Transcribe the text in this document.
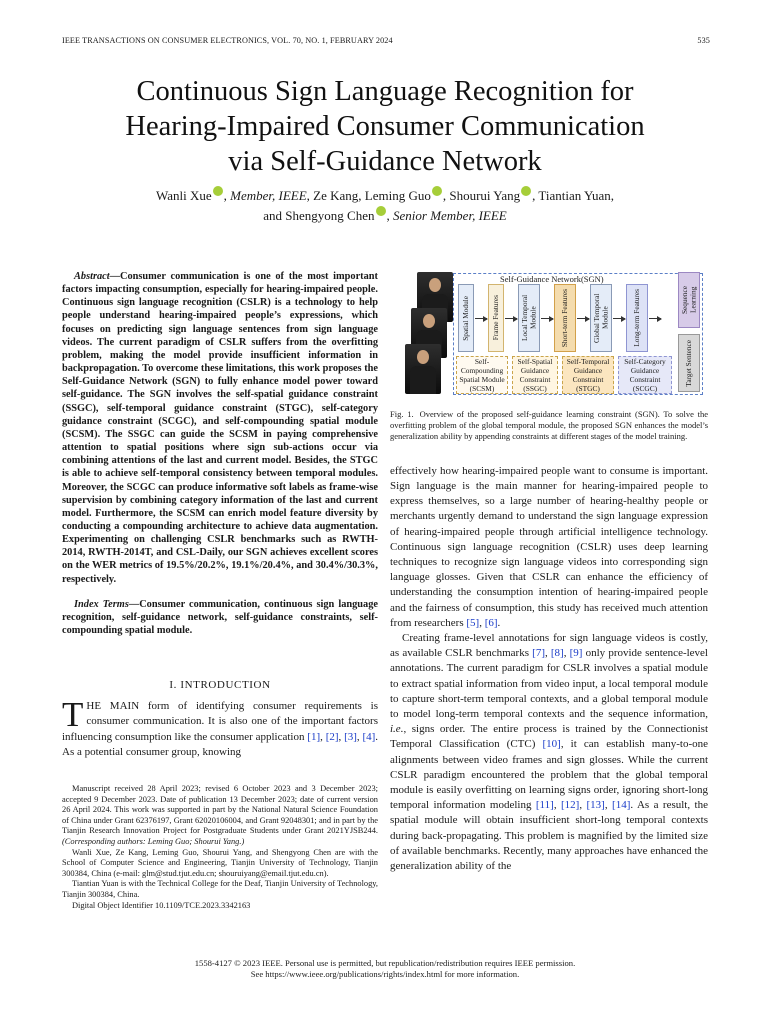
IEEE TRANSACTIONS ON CONSUMER ELECTRONICS, VOL. 70, NO. 1, FEBRUARY 2024	535
Continuous Sign Language Recognition for
Hearing-Impaired Consumer Communication
via Self-Guidance Network
Wanli Xue , Member, IEEE, Ze Kang, Leming Guo , Shourui Yang , Tiantian Yuan,
and Shengyong Chen , Senior Member, IEEE

Abstract—Consumer communication is one of the most important factors impacting consumption, especially for hearing-impaired people. Continuous sign language recognition (CSLR) is a technology to help people understand hearing-impaired people’s expressions, which focuses on predicting sign language sentences from sign language videos. The current paradigm of CSLR suffers from the overfitting problem, making the model provide insufficient information in backpropagation. To overcome these limitations, this work proposes the Self-Guidance Network (SGN) to fully enhance model power toward self-guidance. The SGN involves the self-spatial guidance constraint (SSGC), self-temporal guidance constraint (STGC), self-category guidance constraint (SCGC), and self-compounding spatial module (SCSM). The SSGC can guide the SCSM in paying comprehensive attention to spatial positions where sign sub-actions occur via combining attentions of the last and current model. Besides, the STGC is able to achieve self-temporal consistency between temporal modules. Moreover, the SCGC can produce informative soft labels as frame-wise supervision by combining category information of the last and current model. Furthermore, the SCSM can enrich model feature diversity by conducting a compounding architecture to achieve data augmentation. Experimenting on challenging CSLR benchmarks such as RWTH-2014, RWTH-2014T, and CSL-Daily, our SGN achieves excellent scores on the WER metrics of 19.5%/20.2%, 19.1%/20.4%, and 30.4%/30.3%, respectively.

Index Terms—Consumer communication, continuous sign language recognition, self-guidance network, self-guidance constraints, self-compounding spatial module.

I. INTRODUCTION

THE MAIN form of identifying consumer requirements is consumer communication. It is also one of the important factors influencing consumption like the consumer application [1], [2], [3], [4]. As a potential consumer group, knowing

Manuscript received 28 April 2023; revised 6 October 2023 and 3 December 2023; accepted 9 December 2023. Date of publication 13 December 2023; date of current version 26 April 2024. This work was supported in part by the National Natural Science Foundation of China under Grant 62376197, Grant 62020106004, and Grant 92048301; and in part by the Tianjin Research Innovation Project for Postgraduate Students under Grant 2021YJSB244. (Corresponding authors: Leming Guo; Shourui Yang.)

Wanli Xue, Ze Kang, Leming Guo, Shourui Yang, and Shengyong Chen are with the School of Computer Science and Engineering, Tianjin University of Technology, Tianjin 300384, China (e-mail: glm@stud.tjut.edu.cn; shouruiyang@email.tjut.edu.cn).

Tiantian Yuan is with the Technical College for the Deaf, Tianjin University of Technology, Tianjin 300384, China.

Digital Object Identifier 10.1109/TCE.2023.3342163

Self-Guidance Network(SGN)
Spatial Module	Frame Features	Local Temporal Module	Short-term Features	Global Temporal Module	Long-term Features	Sequence Learning
Target Sentence
Self-Compounding Spatial Module (SCSM)
Self-Spatial Guidance Constraint (SSGC)
Self-Temporal Guidance Constraint (STGC)
Self-Category Guidance Constraint (SCGC)

Fig. 1. Overview of the proposed self-guidance learning constraint (SGN). To solve the overfitting problem of the global temporal module, the proposed SGN enhances the model’s generalization ability by appending constraints at different stages of the model training.

effectively how hearing-impaired people want to consume is important. Sign language is the main manner for hearing-impaired people to express themselves, so a large number of hearing-healthy people or merchants urgently demand to understand the sign language expression of hearing-impaired people through artificial intelligence technology. Continuous sign language recognition (CSLR) uses deep learning techniques to recognize sign language videos into corresponding sign language glosses. Given that CSLR can enhance the efficiency of understanding the consumption intention of hearing-impaired people and the fairness of consumption, this study has received much attention from researchers [5], [6].

Creating frame-level annotations for sign language videos is costly, as available CSLR benchmarks [7], [8], [9] only provide sentence-level annotations. The current paradigm for CSLR involves a spatial module to extract spatial information from video input, a local temporal module to capture short-term temporal contexts, and a global temporal module to model long-term temporal contexts and the sequence information, i.e., signs order. The entire process is trained by the Connectionist Temporal Classification (CTC) [10], it can establish many-to-one alignments between video frames and sign glosses. While the current CSLR paradigm encountered the problem that the global temporal module is easily overfitting on learning signs order, ignoring short-long temporal information modeling [11], [12], [13], [14]. As a result, the spatial module will obtain insufficient short-long temporal contexts during back-propagating. This problem is magnified by the limited size of available benchmarks. Recently, many approaches have enhanced the generalization ability of the

1558-4127 © 2023 IEEE. Personal use is permitted, but republication/redistribution requires IEEE permission.
See https://www.ieee.org/publications/rights/index.html for more information.
